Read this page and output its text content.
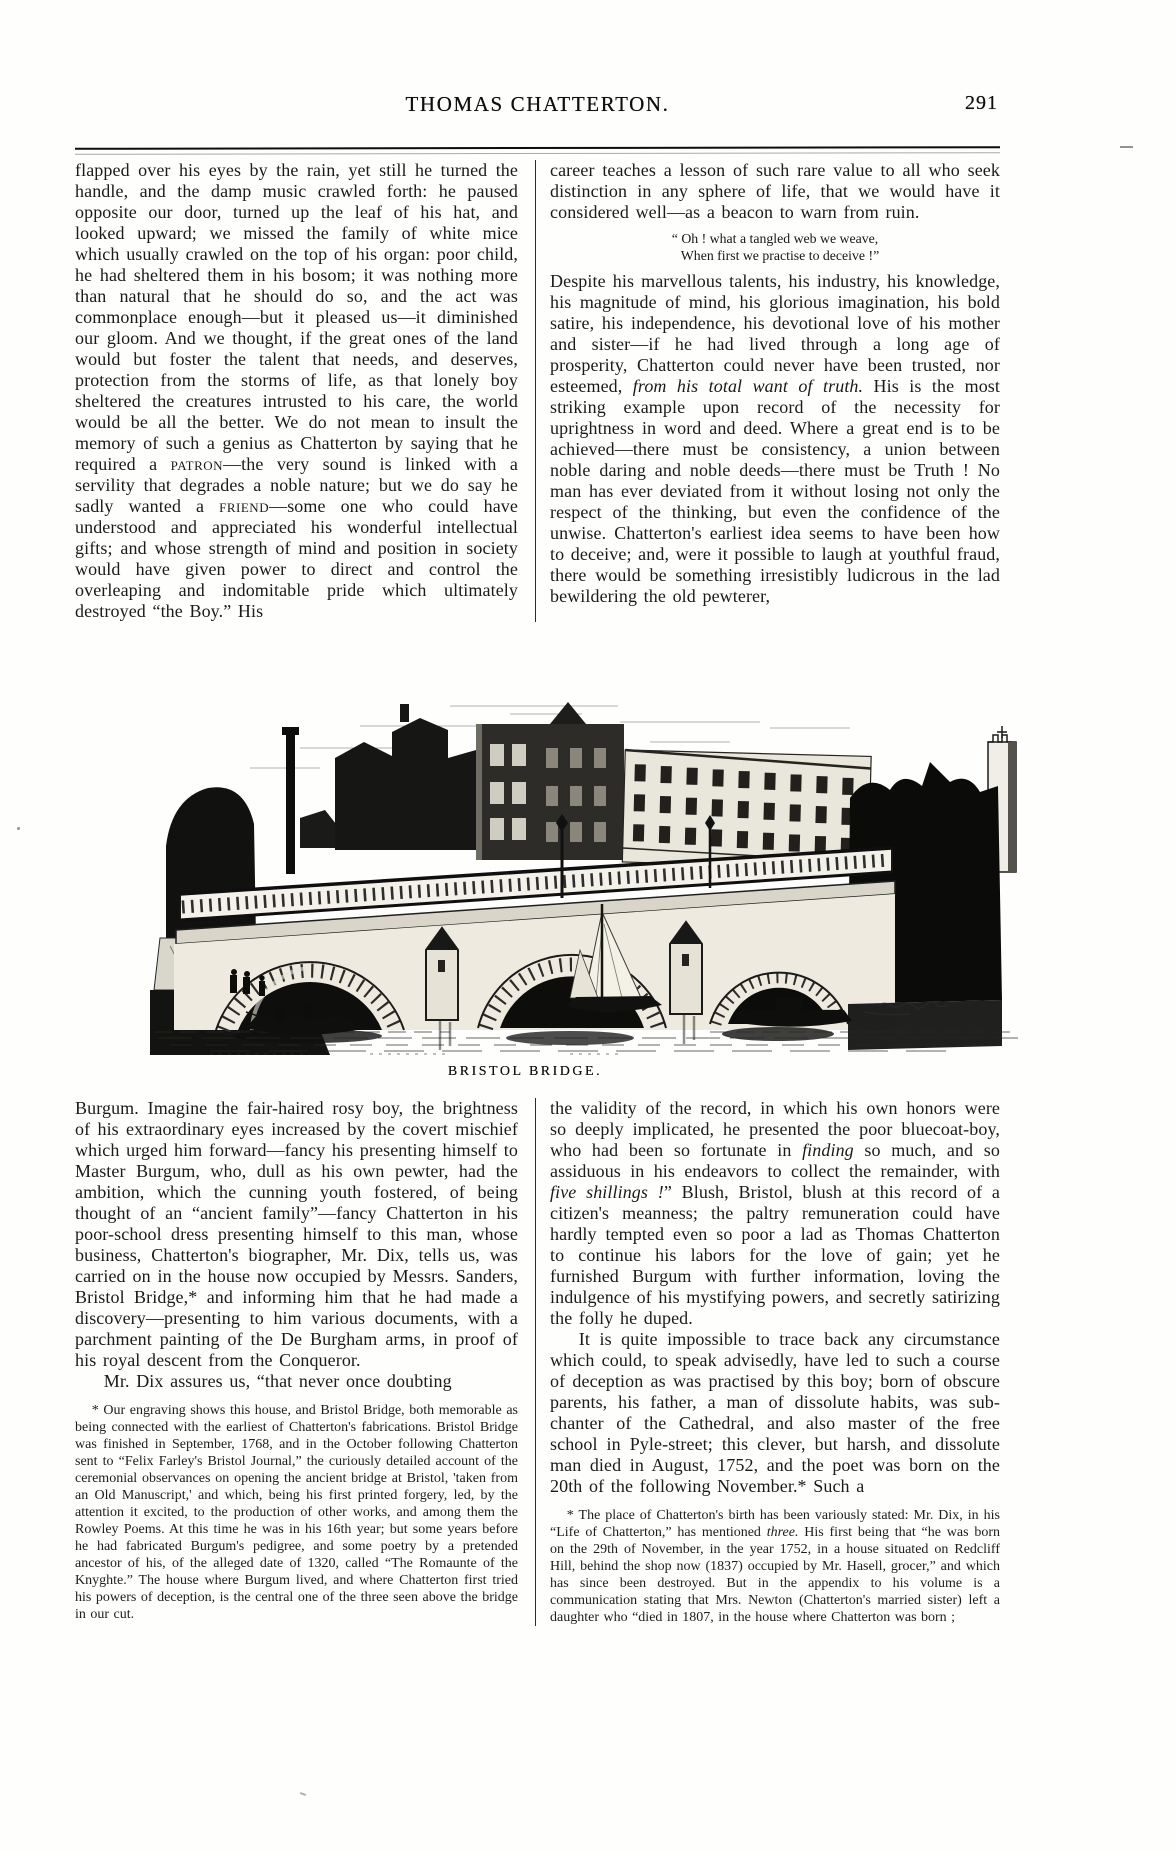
THOMAS CHATTERTON.	291

flapped over his eyes by the rain, yet still he turned the handle, and the damp music crawled forth: he paused opposite our door, turned up the leaf of his hat, and looked upward; we missed the family of white mice which usually crawled on the top of his organ: poor child, he had sheltered them in his bosom; it was nothing more than natural that he should do so, and the act was commonplace enough—but it pleased us—it diminished our gloom. And we thought, if the great ones of the land would but foster the talent that needs, and deserves, protection from the storms of life, as that lonely boy sheltered the creatures intrusted to his care, the world would be all the better. We do not mean to insult the memory of such a genius as Chatterton by saying that he required a patron—the very sound is linked with a servility that degrades a noble nature; but we do say he sadly wanted a friend—some one who could have understood and appreciated his wonderful intellectual gifts; and whose strength of mind and position in society would have given power to direct and control the overleaping and indomitable pride which ultimately destroyed “the Boy.” His

career teaches a lesson of such rare value to all who seek distinction in any sphere of life, that we would have it considered well—as a beacon to warn from ruin.

“ Oh ! what a tangled web we weave,
When first we practise to deceive !”

Despite his marvellous talents, his industry, his knowledge, his magnitude of mind, his glorious imagination, his bold satire, his independence, his devotional love of his mother and sister—if he had lived through a long age of prosperity, Chatterton could never have been trusted, nor esteemed, from his total want of truth. His is the most striking example upon record of the necessity for uprightness in word and deed. Where a great end is to be achieved—there must be consistency, a union between noble daring and noble deeds—there must be Truth ! No man has ever deviated from it without losing not only the respect of the thinking, but even the confidence of the unwise. Chatterton's earliest idea seems to have been how to deceive; and, were it possible to laugh at youthful fraud, there would be something irresistibly ludicrous in the lad bewildering the old pewterer,

BRISTOL BRIDGE.

Burgum. Imagine the fair-haired rosy boy, the brightness of his extraordinary eyes increased by the covert mischief which urged him forward—fancy his presenting himself to Master Burgum, who, dull as his own pewter, had the ambition, which the cunning youth fostered, of being thought of an “ancient family”—fancy Chatterton in his poor-school dress presenting himself to this man, whose business, Chatterton's biographer, Mr. Dix, tells us, was carried on in the house now occupied by Messrs. Sanders, Bristol Bridge,* and informing him that he had made a discovery—presenting to him various documents, with a parchment painting of the De Burgham arms, in proof of his royal descent from the Conqueror.

Mr. Dix assures us, “that never once doubting

* Our engraving shows this house, and Bristol Bridge, both memorable as being connected with the earliest of Chatterton's fabrications. Bristol Bridge was finished in September, 1768, and in the October following Chatterton sent to “Felix Farley's Bristol Journal,” the curiously detailed account of the ceremonial observances on opening the ancient bridge at Bristol, 'taken from an Old Manuscript,' and which, being his first printed forgery, led, by the attention it excited, to the production of other works, and among them the Rowley Poems. At this time he was in his 16th year; but some years before he had fabricated Burgum's pedigree, and some poetry by a pretended ancestor of his, of the alleged date of 1320, called “The Romaunte of the Knyghte.” The house where Burgum lived, and where Chatterton first tried his powers of deception, is the central one of the three seen above the bridge in our cut.

the validity of the record, in which his own honors were so deeply implicated, he presented the poor bluecoat-boy, who had been so fortunate in finding so much, and so assiduous in his endeavors to collect the remainder, with five shillings !” Blush, Bristol, blush at this record of a citizen's meanness; the paltry remuneration could have hardly tempted even so poor a lad as Thomas Chatterton to continue his labors for the love of gain; yet he furnished Burgum with further information, loving the indulgence of his mystifying powers, and secretly satirizing the folly he duped.

It is quite impossible to trace back any circumstance which could, to speak advisedly, have led to such a course of deception as was practised by this boy; born of obscure parents, his father, a man of dissolute habits, was sub-chanter of the Cathedral, and also master of the free school in Pyle-street; this clever, but harsh, and dissolute man died in August, 1752, and the poet was born on the 20th of the following November.* Such a

* The place of Chatterton's birth has been variously stated: Mr. Dix, in his “Life of Chatterton,” has mentioned three. His first being that “he was born on the 29th of November, in the year 1752, in a house situated on Redcliff Hill, behind the shop now (1837) occupied by Mr. Hasell, grocer,” and which has since been destroyed. But in the appendix to his volume is a communication stating that Mrs. Newton (Chatterton's married sister) left a daughter who “died in 1807, in the house where Chatterton was born ;
